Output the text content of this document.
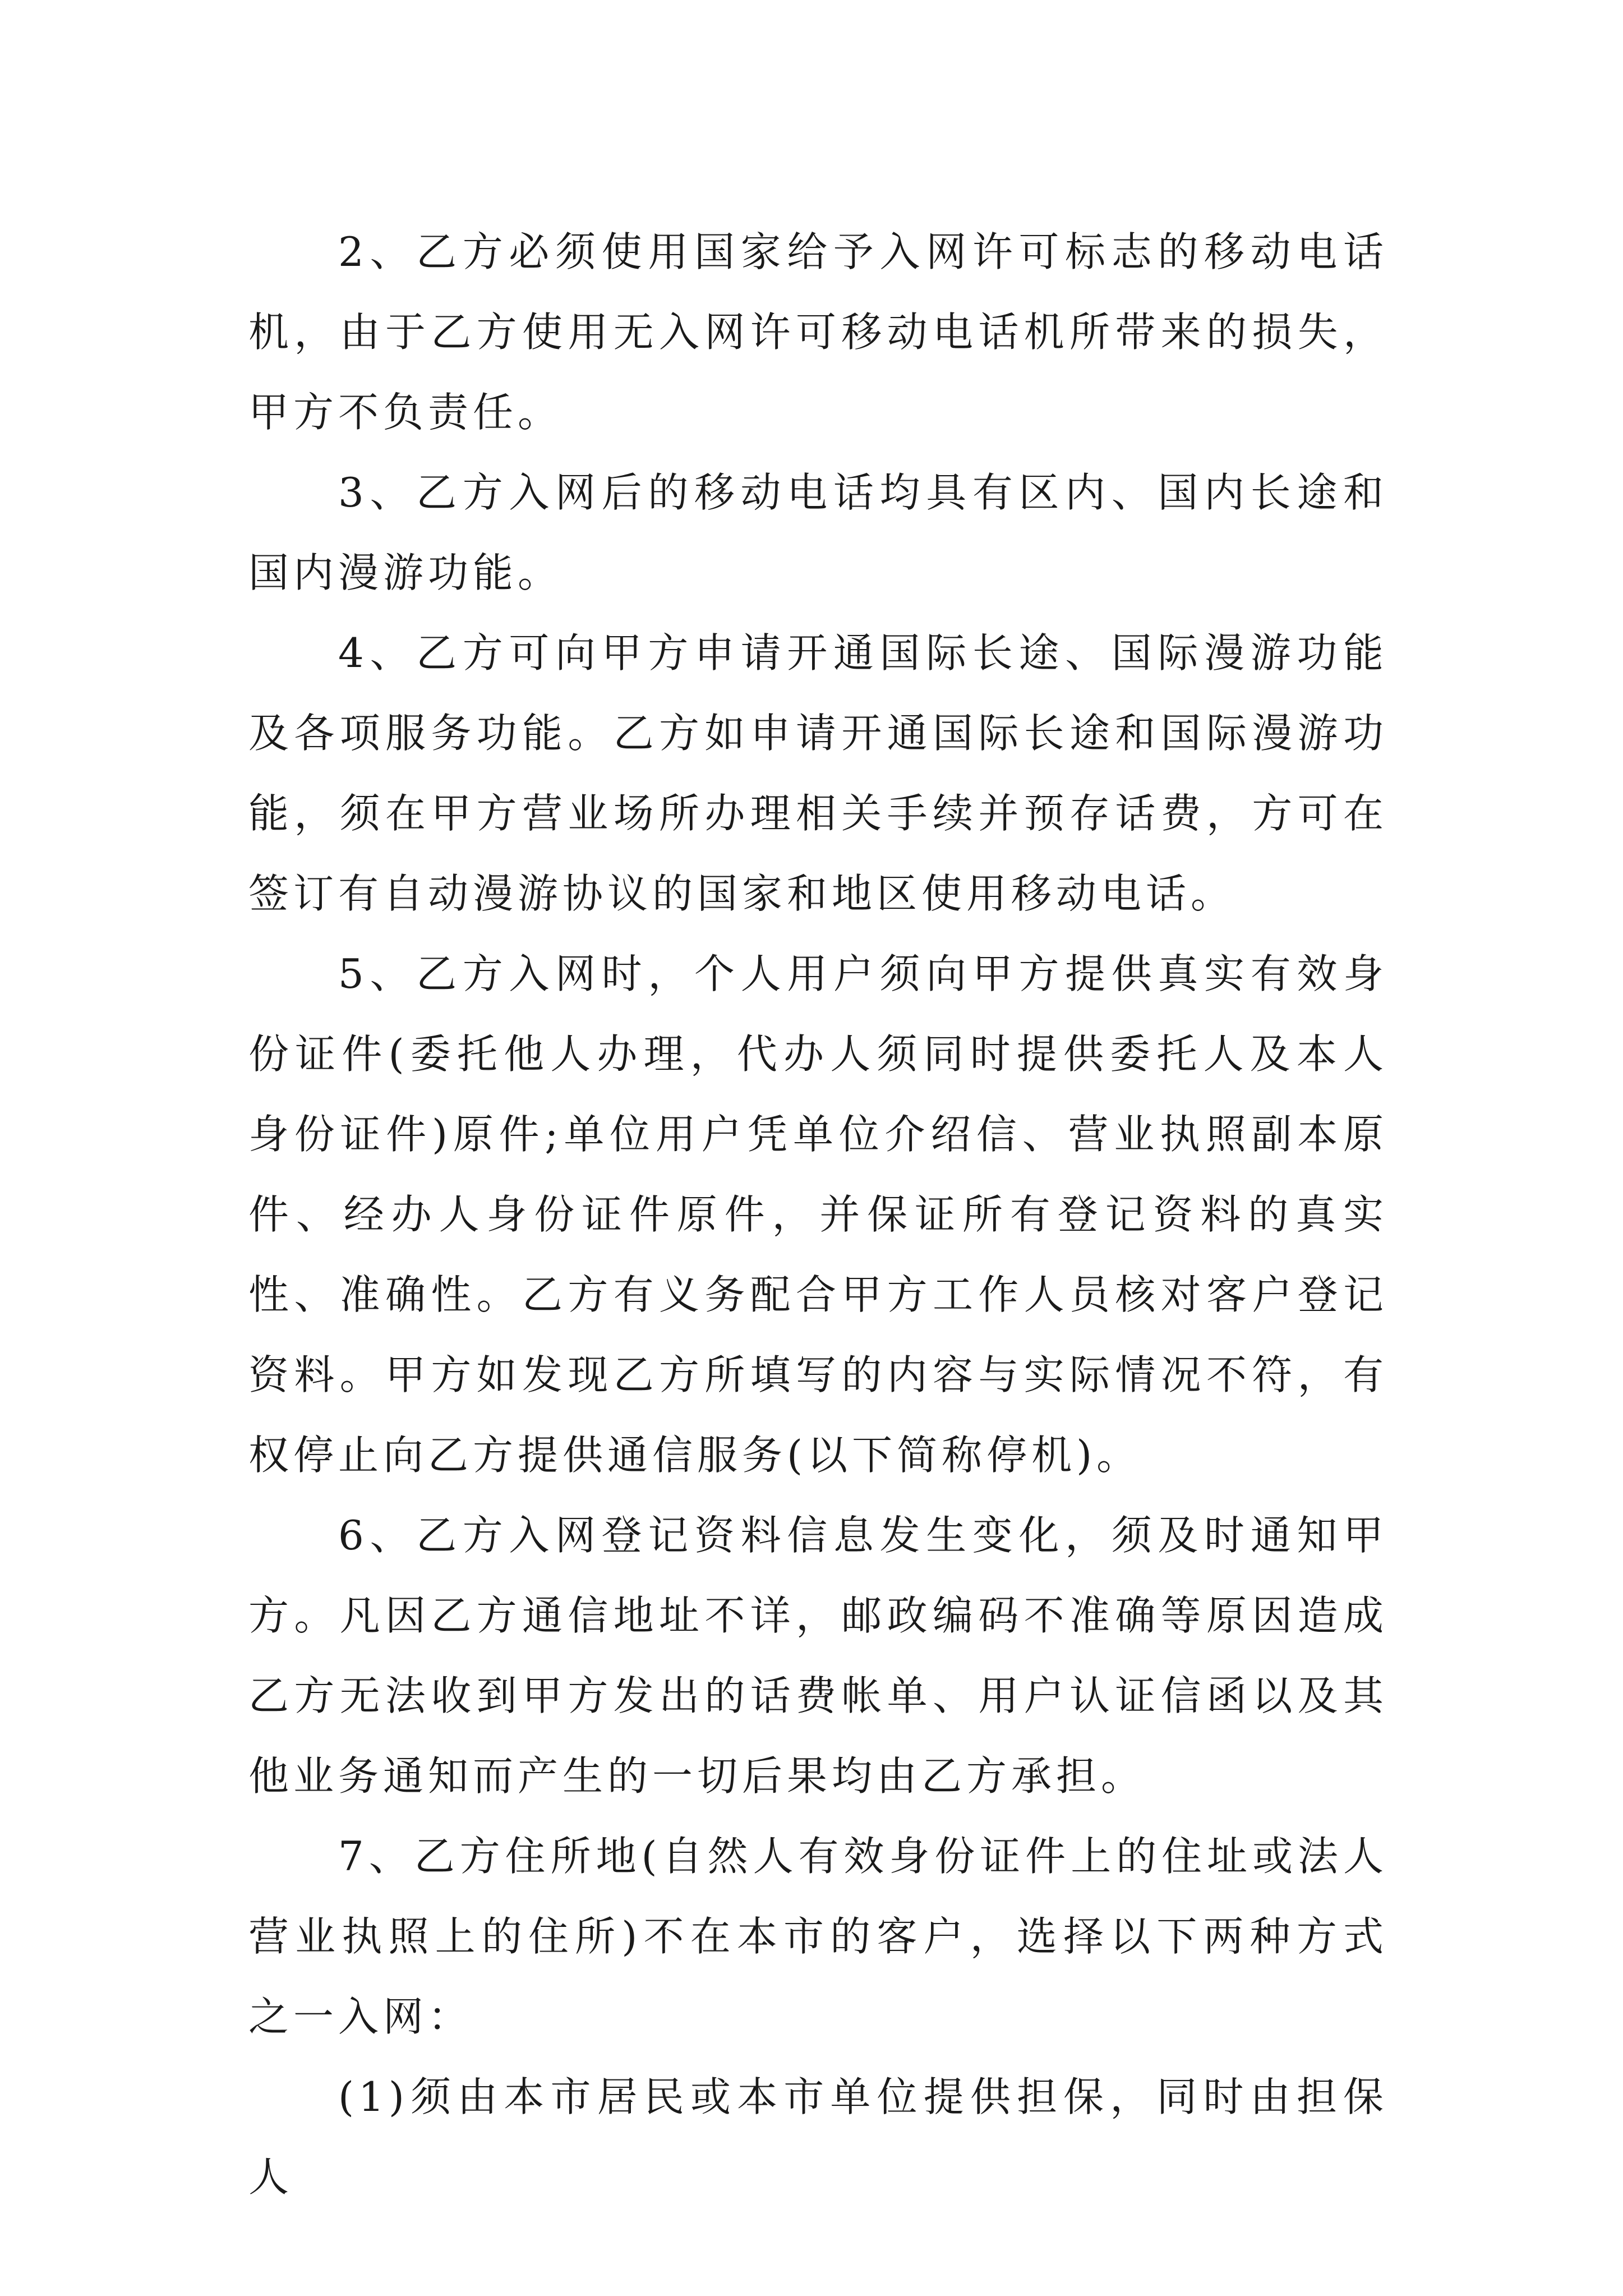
2、乙方必须使用国家给予入网许可标志的移动电话机，由于乙方使用无入网许可移动电话机所带来的损失，甲方不负责任。

3、乙方入网后的移动电话均具有区内、国内长途和国内漫游功能。

4、乙方可向甲方申请开通国际长途、国际漫游功能及各项服务功能。乙方如申请开通国际长途和国际漫游功能，须在甲方营业场所办理相关手续并预存话费，方可在签订有自动漫游协议的国家和地区使用移动电话。

5、乙方入网时，个人用户须向甲方提供真实有效身份证件(委托他人办理，代办人须同时提供委托人及本人身份证件)原件;单位用户凭单位介绍信、营业执照副本原件、经办人身份证件原件，并保证所有登记资料的真实性、准确性。乙方有义务配合甲方工作人员核对客户登记资料。甲方如发现乙方所填写的内容与实际情况不符，有权停止向乙方提供通信服务(以下简称停机)。

6、乙方入网登记资料信息发生变化，须及时通知甲方。凡因乙方通信地址不详，邮政编码不准确等原因造成乙方无法收到甲方发出的话费帐单、用户认证信函以及其他业务通知而产生的一切后果均由乙方承担。

7、乙方住所地(自然人有效身份证件上的住址或法人营业执照上的住所)不在本市的客户，选择以下两种方式之一入网：

(1)须由本市居民或本市单位提供担保，同时由担保人
